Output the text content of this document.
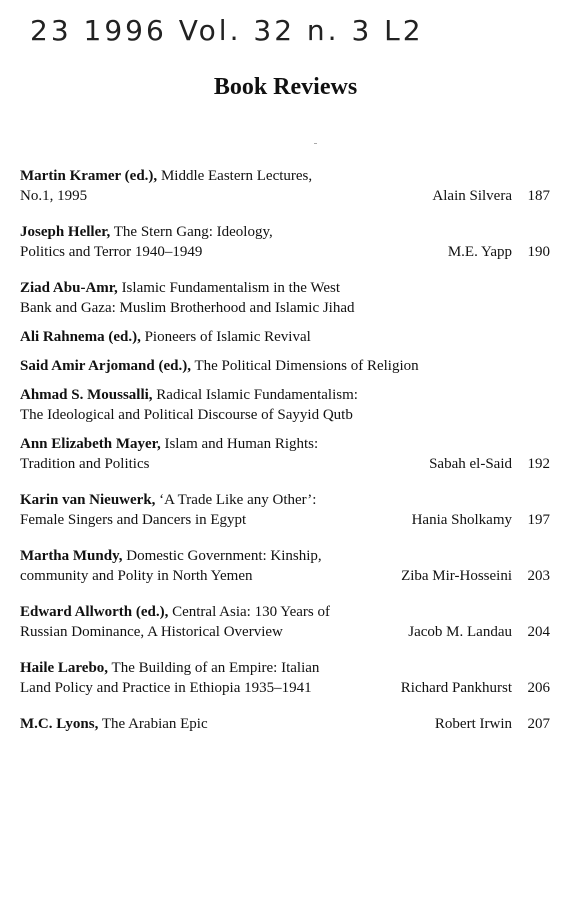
23 1996 Vol. 32 n. 3 L2
Book Reviews
Martin Kramer (ed.), Middle Eastern Lectures,
No.1, 1995	Alain Silvera	187
Joseph Heller, The Stern Gang: Ideology,
Politics and Terror 1940–1949	M.E. Yapp	190
Ziad Abu-Amr, Islamic Fundamentalism in the West
Bank and Gaza: Muslim Brotherhood and Islamic Jihad
Ali Rahnema (ed.), Pioneers of Islamic Revival
Said Amir Arjomand (ed.), The Political Dimensions of Religion
Ahmad S. Moussalli, Radical Islamic Fundamentalism:
The Ideological and Political Discourse of Sayyid Qutb
Ann Elizabeth Mayer, Islam and Human Rights:
Tradition and Politics	Sabah el-Said	192
Karin van Nieuwerk, ‘A Trade Like any Other’:
Female Singers and Dancers in Egypt	Hania Sholkamy	197
Martha Mundy, Domestic Government: Kinship,
community and Polity in North Yemen	Ziba Mir-Hosseini	203
Edward Allworth (ed.), Central Asia: 130 Years of
Russian Dominance, A Historical Overview	Jacob M. Landau	204
Haile Larebo, The Building of an Empire: Italian
Land Policy and Practice in Ethiopia 1935–1941	Richard Pankhurst	206
M.C. Lyons, The Arabian Epic	Robert Irwin	207
